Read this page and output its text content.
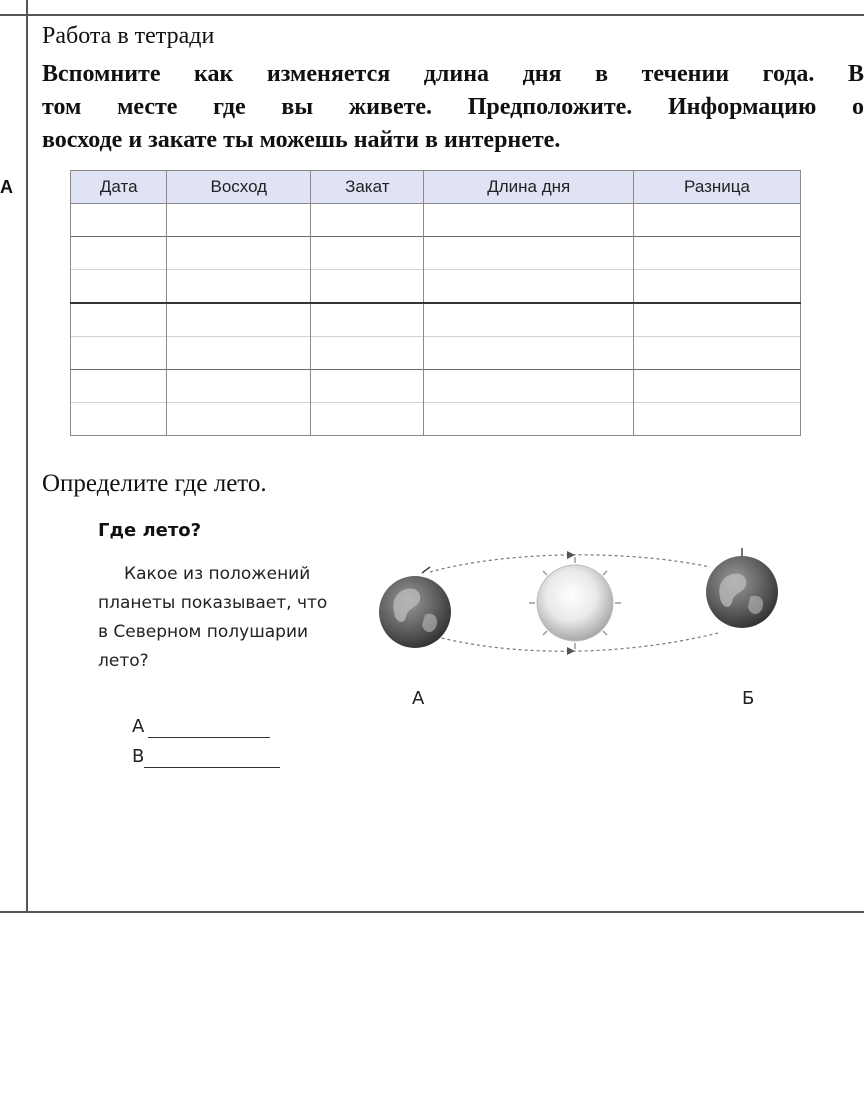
A
Работа в тетради
Вспомните как изменяется длина дня в течении года. В
том месте где вы живете. Предположите. Информацию о
восходе и закате ты можешь найти в интернете.
Дата	Восход	Закат	Длина дня	Разница

Определите где лето.
Где лето?
Какое из положений
планеты показывает, что
в Северном полушарии
лето?
А	Б
А
В
